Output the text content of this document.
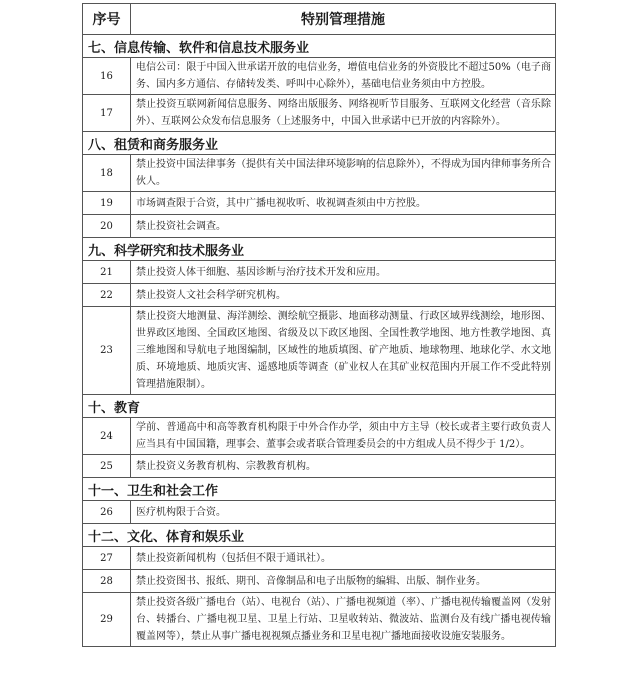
序号	特别管理措施
七、信息传输、软件和信息技术服务业	
16	电信公司：限于中国入世承诺开放的电信业务，增值电信业务的外资股比不超过50%（电子商务、国内多方通信、存储转发类、呼叫中心除外），基础电信业务须由中方控股。
17	禁止投资互联网新闻信息服务、网络出版服务、网络视听节目服务、互联网文化经营（音乐除外）、互联网公众发布信息服务（上述服务中，中国入世承诺中已开放的内容除外）。
八、租赁和商务服务业	
18	禁止投资中国法律事务（提供有关中国法律环境影响的信息除外），不得成为国内律师事务所合伙人。
19	市场调查限于合资，其中广播电视收听、收视调查须由中方控股。
20	禁止投资社会调查。
九、科学研究和技术服务业	
21	禁止投资人体干细胞、基因诊断与治疗技术开发和应用。
22	禁止投资人文社会科学研究机构。
23	禁止投资大地测量、海洋测绘、测绘航空摄影、地面移动测量、行政区域界线测绘，地形图、世界政区地图、全国政区地图、省级及以下政区地图、全国性教学地图、地方性教学地图、真三维地图和导航电子地图编制，区域性的地质填图、矿产地质、地球物理、地球化学、水文地质、环境地质、地质灾害、遥感地质等调查（矿业权人在其矿业权范围内开展工作不受此特别管理措施限制）。
十、教育	
24	学前、普通高中和高等教育机构限于中外合作办学，须由中方主导（校长或者主要行政负责人应当具有中国国籍，理事会、董事会或者联合管理委员会的中方组成人员不得少于 1/2）。
25	禁止投资义务教育机构、宗教教育机构。
十一、卫生和社会工作	
26	医疗机构限于合资。
十二、文化、体育和娱乐业	
27	禁止投资新闻机构（包括但不限于通讯社）。
28	禁止投资图书、报纸、期刊、音像制品和电子出版物的编辑、出版、制作业务。
29	禁止投资各级广播电台（站）、电视台（站）、广播电视频道（率）、广播电视传输覆盖网（发射台、转播台、广播电视卫星、卫星上行站、卫星收转站、微波站、监测台及有线广播电视传输覆盖网等），禁止从事广播电视视频点播业务和卫星电视广播地面接收设施安装服务。
